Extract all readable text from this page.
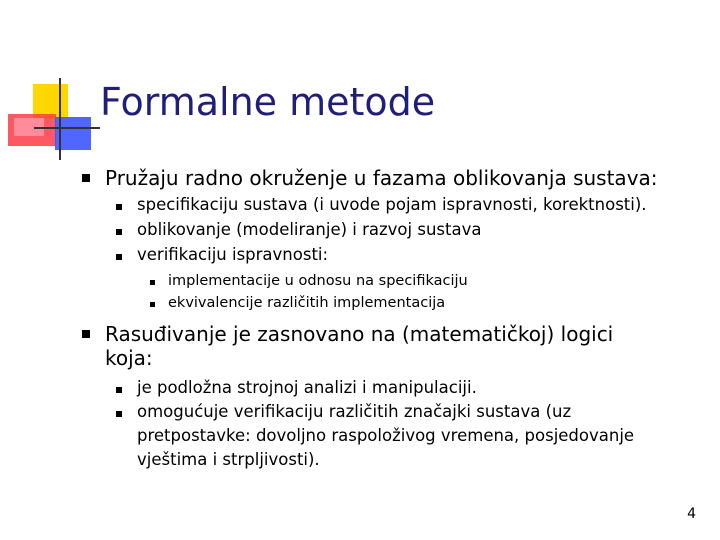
Formalne metode
Pružaju radno okruženje u fazama oblikovanja sustava:
specifikaciju sustava (i uvode pojam ispravnosti, korektnosti).
oblikovanje (modeliranje) i razvoj sustava
verifikaciju ispravnosti:
implementacije u odnosu na specifikaciju
ekvivalencije različitih implementacija
Rasuđivanje je zasnovano na (matematičkoj) logici
koja:
je podložna strojnoj analizi i manipulaciji.
omogućuje verifikaciju različitih značajki sustava (uz
pretpostavke: dovoljno raspoloživog vremena, posjedovanje
vještima i strpljivosti).
4
